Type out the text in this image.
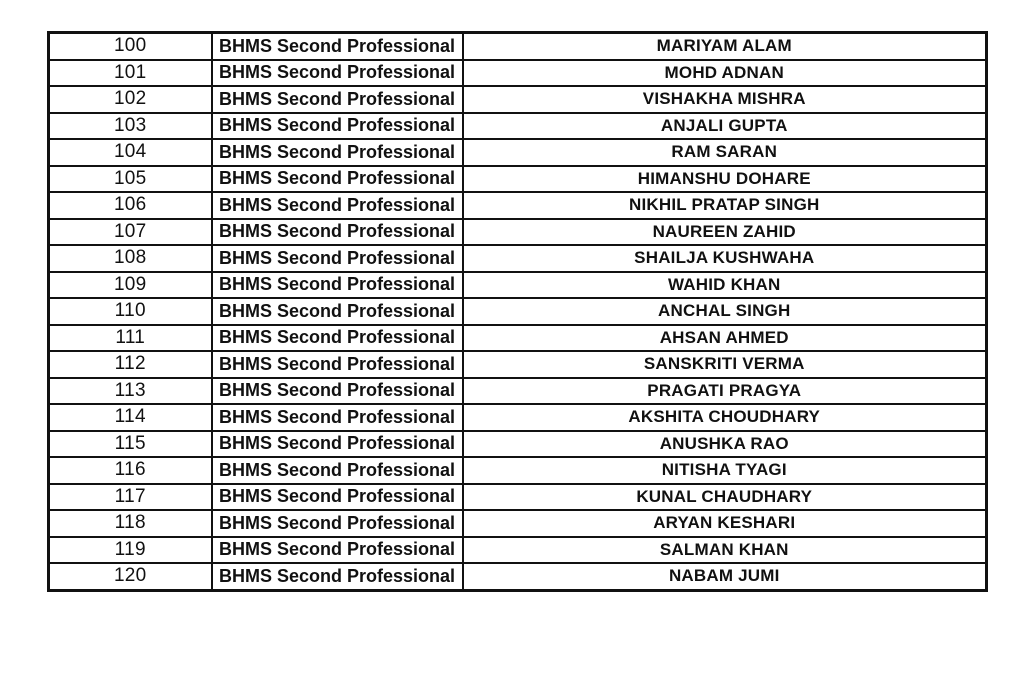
100	BHMS Second Professional	MARIYAM ALAM
101	BHMS Second Professional	MOHD ADNAN
102	BHMS Second Professional	VISHAKHA MISHRA
103	BHMS Second Professional	ANJALI GUPTA
104	BHMS Second Professional	RAM SARAN
105	BHMS Second Professional	HIMANSHU DOHARE
106	BHMS Second Professional	NIKHIL PRATAP SINGH
107	BHMS Second Professional	NAUREEN ZAHID
108	BHMS Second Professional	SHAILJA KUSHWAHA
109	BHMS Second Professional	WAHID KHAN
110	BHMS Second Professional	ANCHAL SINGH
111	BHMS Second Professional	AHSAN AHMED
112	BHMS Second Professional	SANSKRITI VERMA
113	BHMS Second Professional	PRAGATI PRAGYA
114	BHMS Second Professional	AKSHITA CHOUDHARY
115	BHMS Second Professional	ANUSHKA RAO
116	BHMS Second Professional	NITISHA TYAGI
117	BHMS Second Professional	KUNAL CHAUDHARY
118	BHMS Second Professional	ARYAN KESHARI
119	BHMS Second Professional	SALMAN KHAN
120	BHMS Second Professional	NABAM JUMI
